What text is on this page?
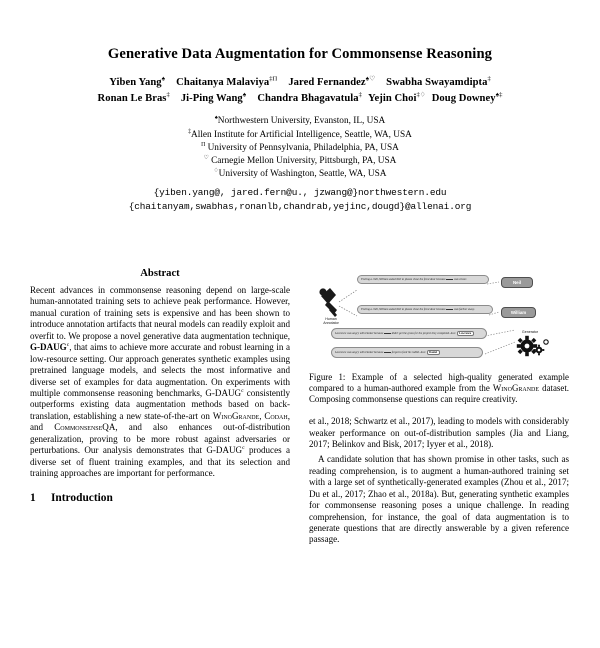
Generative Data Augmentation for Commonsense Reasoning
Yiben Yang♠ Chaitanya Malaviya$^{\ddagger\Pi}$ Jared Fernandez♠♡ Swabha Swayamdipta‡
Ronan Le Bras‡ Ji-Ping Wang♠ Chandra Bhagavatula‡ Yejin Choi‡♢ Doug Downey♠‡
♠Northwestern University, Evanston, IL, USA
‡Allen Institute for Artificial Intelligence, Seattle, WA, USA
$^\Pi$ University of Pennsylvania, Philadelphia, PA, USA
♡ Carnegie Mellon University, Pittsburgh, PA, USA
♢University of Washington, Seattle, WA, USA
{yiben.yang@, jared.fern@u., jzwang@}northwestern.edu
{chaitanyam,swabhas,ronanlb,chandrab,yejinc,dougd}@allenai.org
Abstract

Recent advances in commonsense reasoning depend on large-scale human-annotated training sets to achieve peak performance. However, manual curation of training sets is expensive and has been shown to introduce annotation artifacts that neural models can readily exploit and overfit to. We propose a novel generative data augmentation technique, G-DAUG$^c$, that aims to achieve more accurate and robust learning in a low-resource setting. Our approach generates synthetic examples using pretrained language models, and selects the most informative and diverse set of examples for data augmentation. On experiments with multiple commonsense reasoning benchmarks, G-DAUG$^c$ consistently outperforms existing data augmentation methods based on back-translation, establishing a new state-of-the-art on WinoGrande, Codah, and CommonsenseQA, and also enhances out-of-distribution generalization, proving to be more robust against adversaries or perturbations. Our analysis demonstrates that G-DAUG$^c$ produces a diverse set of fluent training examples, and that its selection and training approaches are important for performance.

1	Introduction
Feeling a chill, William asked Neil to please close the front door because  was closer.
Feeling a chill, William asked Neil to please close the front door because  was farther away.
Lawrence was angry with Daniel because  didn't get the grass for the project they completed. Ans: Lawrence
Lawrence was angry with Daniel because  forgot to feed his rabbit. Ans: Daniel
Neil
William
Human
Annotator
Generator

Figure 1: Example of a selected high-quality generated example compared to a human-authored example from the WinoGrande dataset. Composing commonsense questions can require creativity.

et al., 2018; Schwartz et al., 2017), leading to models with considerably weaker performance on out-of-distribution samples (Jia and Liang, 2017; Belinkov and Bisk, 2017; Iyyer et al., 2018).

A candidate solution that has shown promise in other tasks, such as reading comprehension, is to augment a human-authored training set with a large set of synthetically-generated examples (Zhou et al., 2017; Du et al., 2017; Zhao et al., 2018a). But, generating synthetic examples for commonsense reasoning poses a unique challenge. In reading comprehension, for instance, the goal of data augmentation is to generate questions that are directly answerable by a given reference passage.
